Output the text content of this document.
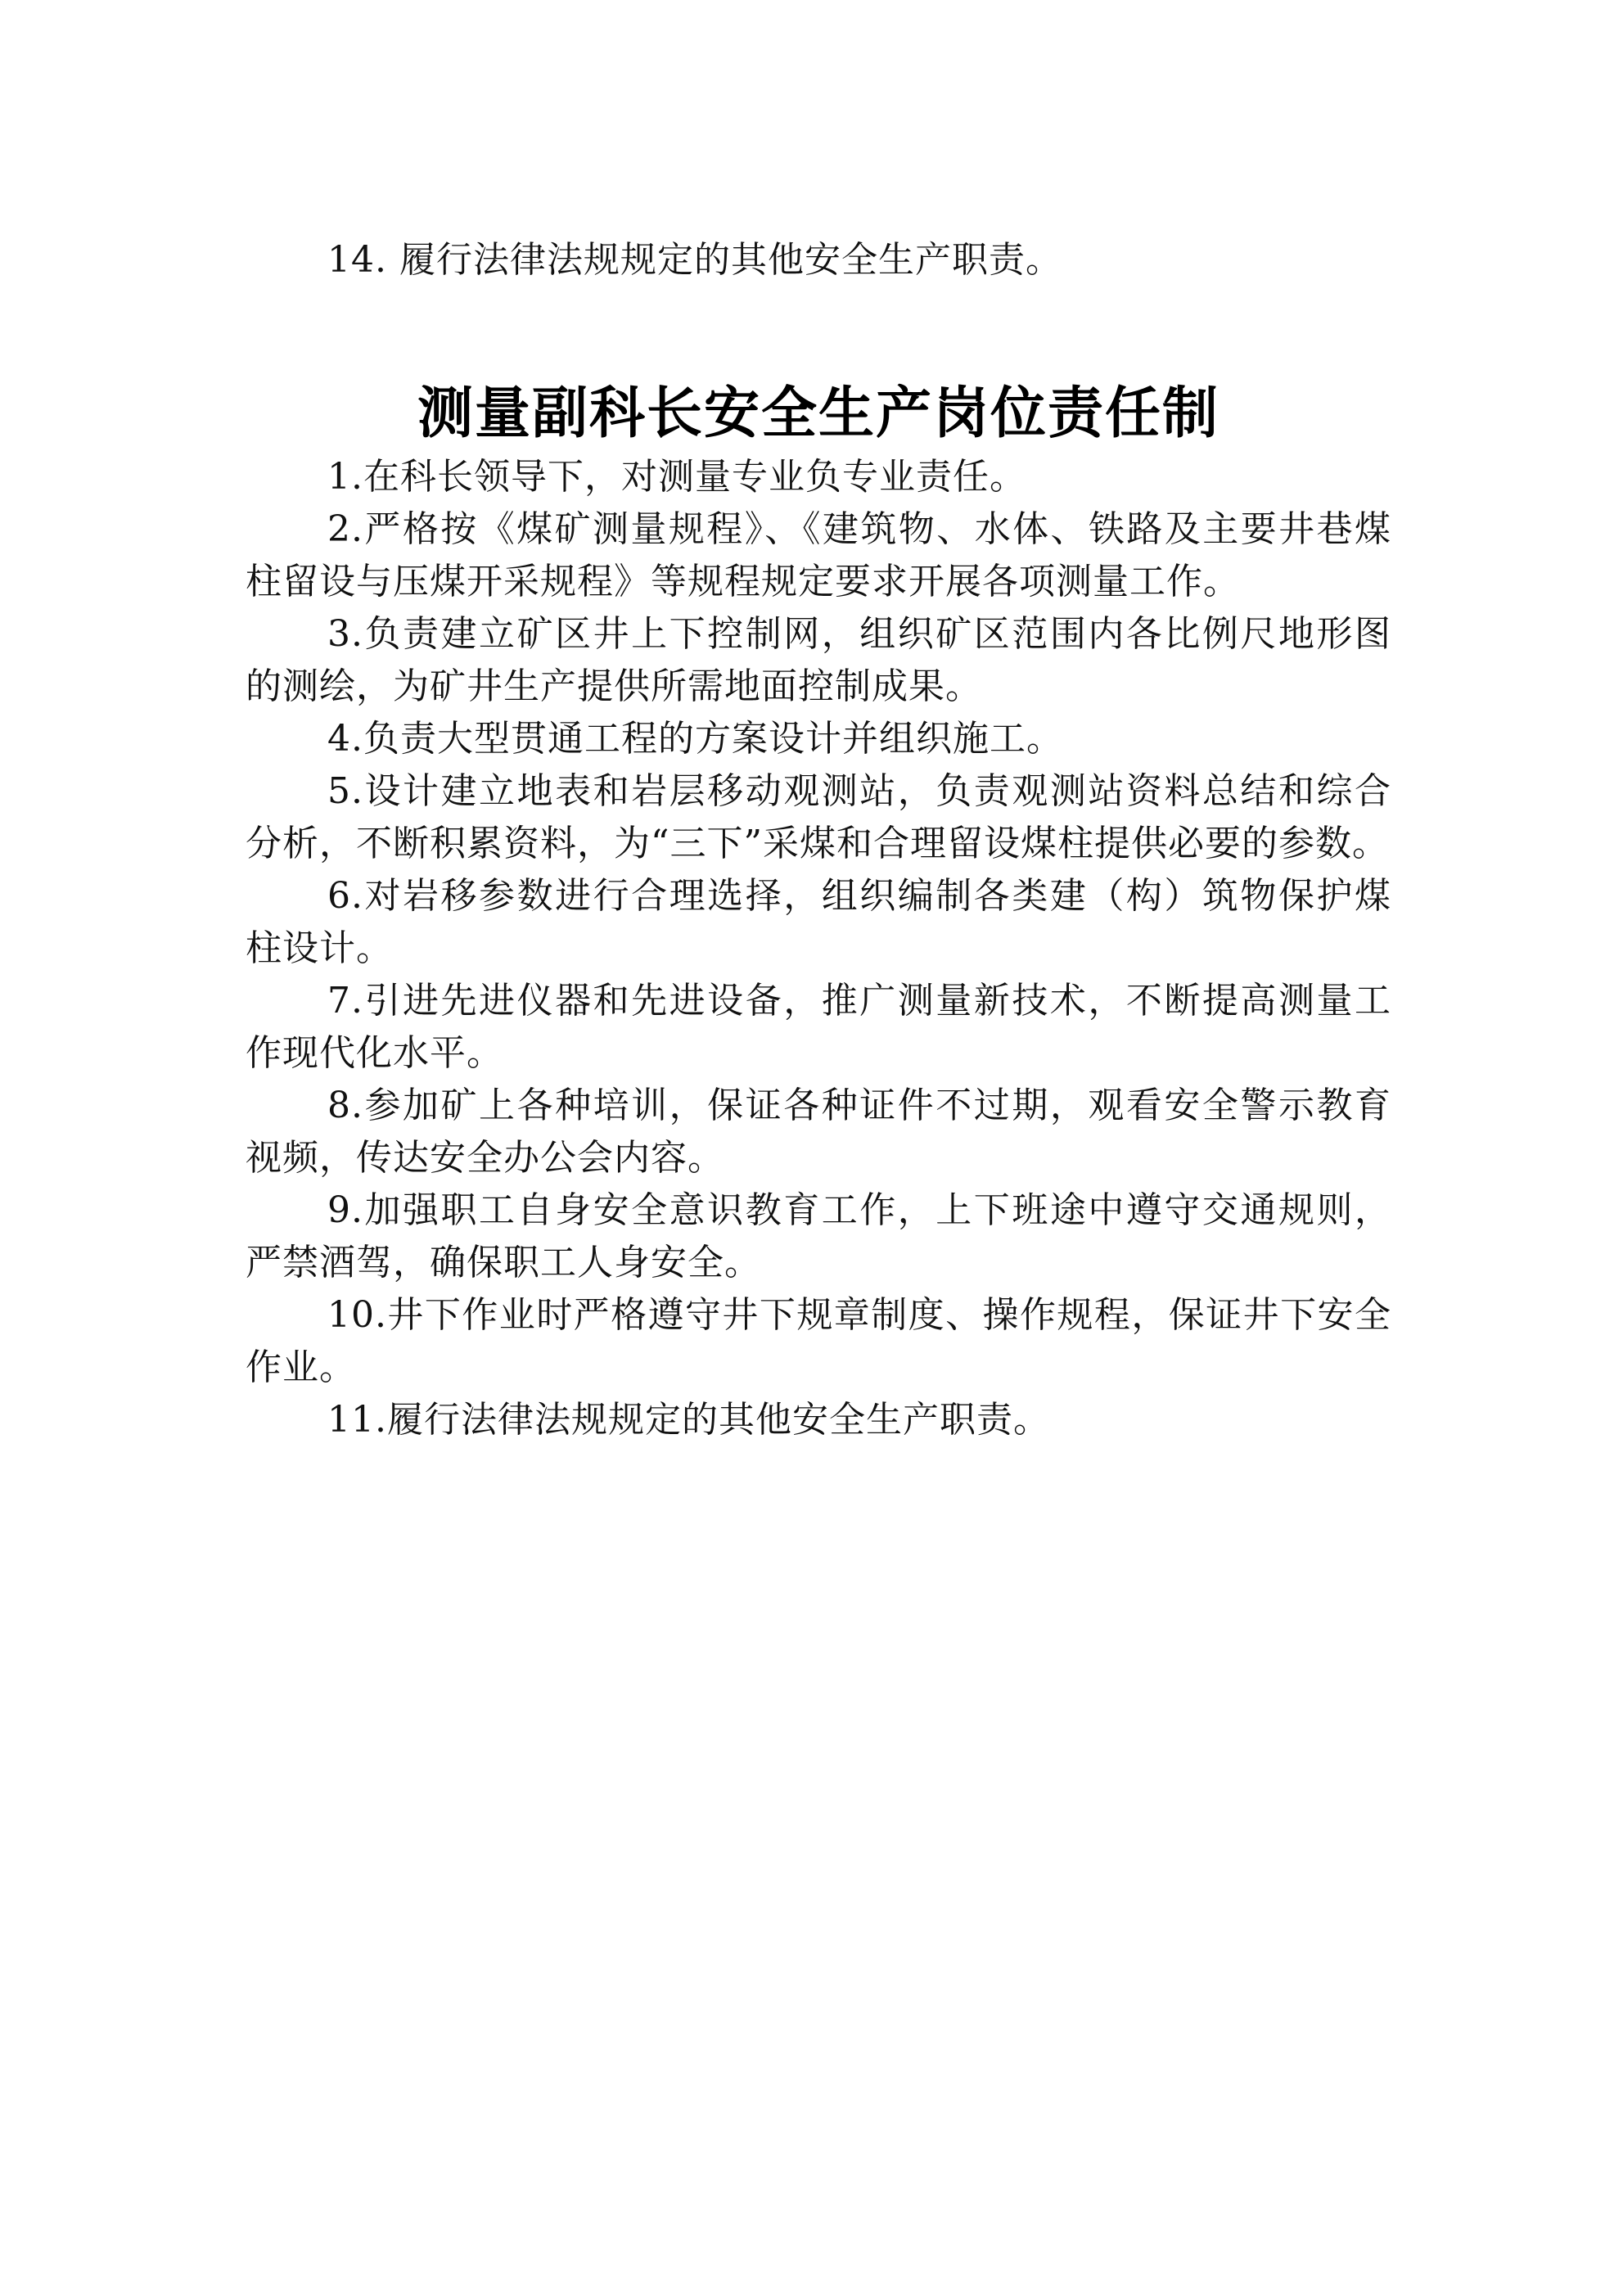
14. 履行法律法规规定的其他安全生产职责。

测量副科长安全生产岗位责任制

1.在科长领导下，对测量专业负专业责任。

2.严格按《煤矿测量规程》、《建筑物、水体、铁路及主要井巷煤柱留设与压煤开采规程》等规程规定要求开展各项测量工作。

3.负责建立矿区井上下控制网，组织矿区范围内各比例尺地形图的测绘，为矿井生产提供所需地面控制成果。

4.负责大型贯通工程的方案设计并组织施工。

5.设计建立地表和岩层移动观测站，负责观测站资料总结和综合分析，不断积累资料，为“三下”采煤和合理留设煤柱提供必要的参数。

6.对岩移参数进行合理选择，组织编制各类建（构）筑物保护煤柱设计。

7.引进先进仪器和先进设备，推广测量新技术，不断提高测量工作现代化水平。

8.参加矿上各种培训，保证各种证件不过期，观看安全警示教育视频，传达安全办公会内容。

9.加强职工自身安全意识教育工作，上下班途中遵守交通规则，严禁酒驾，确保职工人身安全。

10.井下作业时严格遵守井下规章制度、操作规程，保证井下安全作业。

11.履行法律法规规定的其他安全生产职责。
